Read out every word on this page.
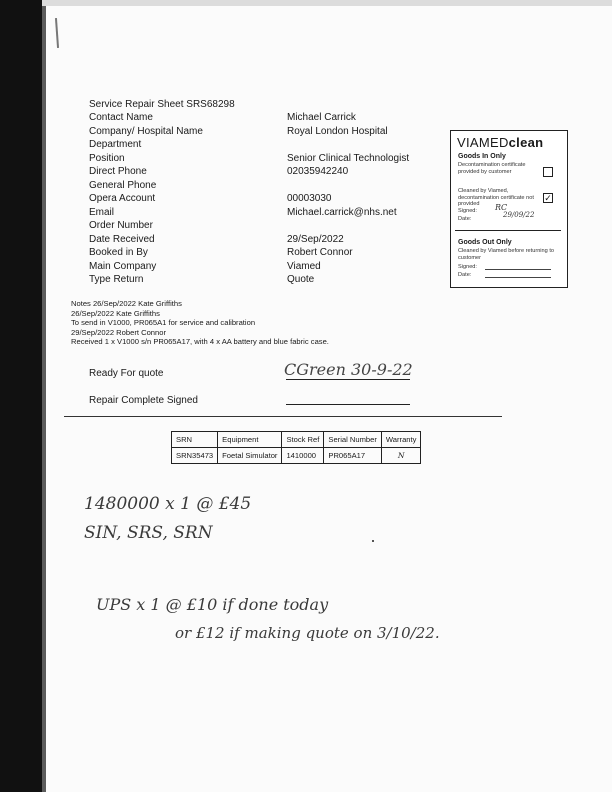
Service Repair Sheet SRS68298
Contact Name	Michael Carrick
Company/ Hospital Name	Royal London Hospital
Department
Position	Senior Clinical Technologist
Direct Phone	02035942240
General Phone
Opera Account	00003030
Email	Michael.carrick@nhs.net
Order Number
Date Received	29/Sep/2022
Booked in By	Robert Connor
Main Company	Viamed
Type Return	Quote
VIAMEDclean
Goods In Only
Decontamination certificate provided by customer
Cleaned by Viamed, decontamination certificate not provided
✓
Signed: RC
Date:	29/09/22
Goods Out Only
Cleaned by Viamed before returning to customer
Signed:
Date:
Notes 26/Sep/2022 Kate Griffiths
26/Sep/2022 Kate Griffiths
To send in V1000, PR065A1 for service and calibration
29/Sep/2022 Robert Connor
Received 1 x V1000 s/n PR065A17, with 4 x AA battery and blue fabric case.
Ready For quote	CGreen 30-9-22
Repair Complete Signed
SRN	Equipment	Stock Ref	Serial Number	Warranty
SRN35473	Foetal Simulator	1410000	PR065A17	N
1480000 x 1 @ £45
SIN, SRS, SRN
UPS x 1 @ £10 if done today
or £12 if making quote on 3/10/22.
